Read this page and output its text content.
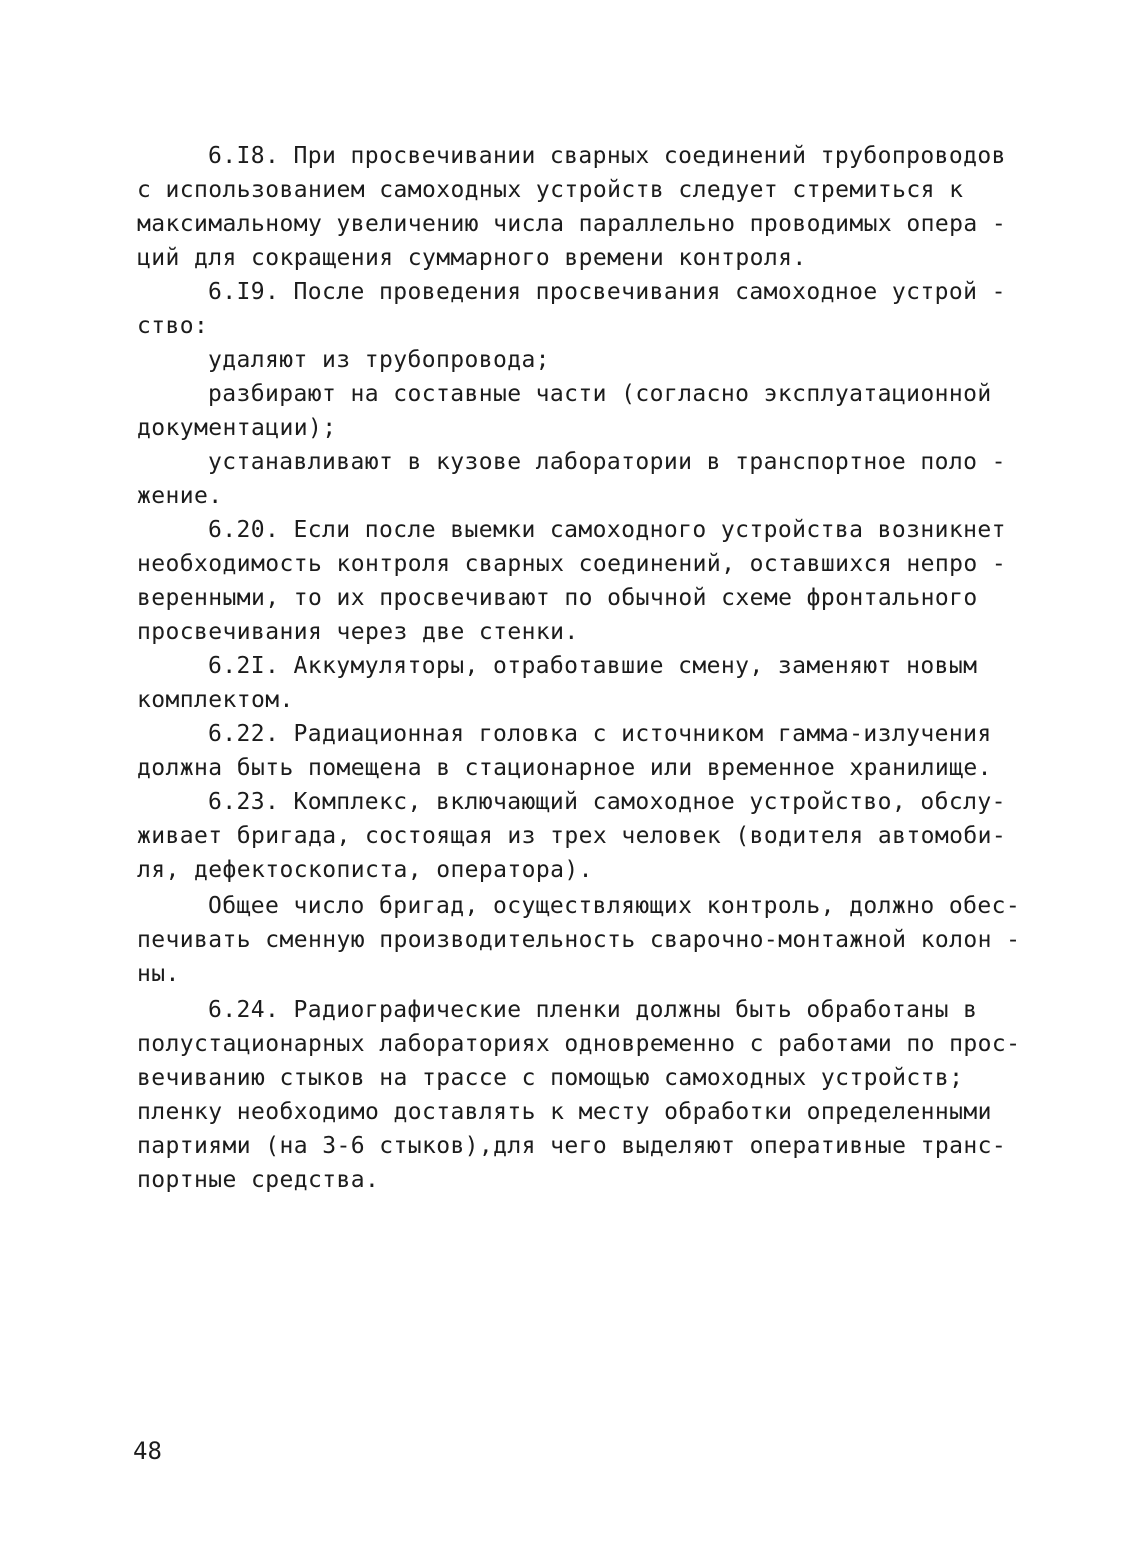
6.I8. При просвечивании сварных соединений трубопроводов

с использованием самоходных устройств следует стремиться к

максимальному увеличению числа параллельно проводимых опера -

ций для сокращения суммарного времени контроля.

6.I9. После проведения просвечивания самоходное устрой -

ство:

удаляют из трубопровода;

разбирают на составные части (согласно эксплуатационной

документации);

устанавливают в кузове лаборатории в транспортное поло -

жение.

6.20. Если после выемки самоходного устройства возникнет

необходимость контроля сварных соединений, оставшихся непро -

веренными, то их просвечивают по обычной схеме фронтального

просвечивания через две стенки.

6.2I. Аккумуляторы, отработавшие смену, заменяют новым

комплектом.

6.22. Радиационная головка с источником гамма-излучения

должна быть помещена в стационарное или временное хранилище.

6.23. Комплекс, включающий самоходное устройство, обслу-

живает бригада, состоящая из трех человек (водителя автомоби-

ля, дефектоскописта, оператора).

Общее число бригад, осуществляющих контроль, должно обес-

печивать сменную производительность сварочно-монтажной колон -

ны.

6.24. Радиографические пленки должны быть обработаны в

полустационарных лабораториях одновременно с работами по прос-

вечиванию стыков на трассе с помощью самоходных устройств;

пленку необходимо доставлять к месту обработки определенными

партиями (на 3-6 стыков),для чего выделяют оперативные транс-

портные средства.

48
